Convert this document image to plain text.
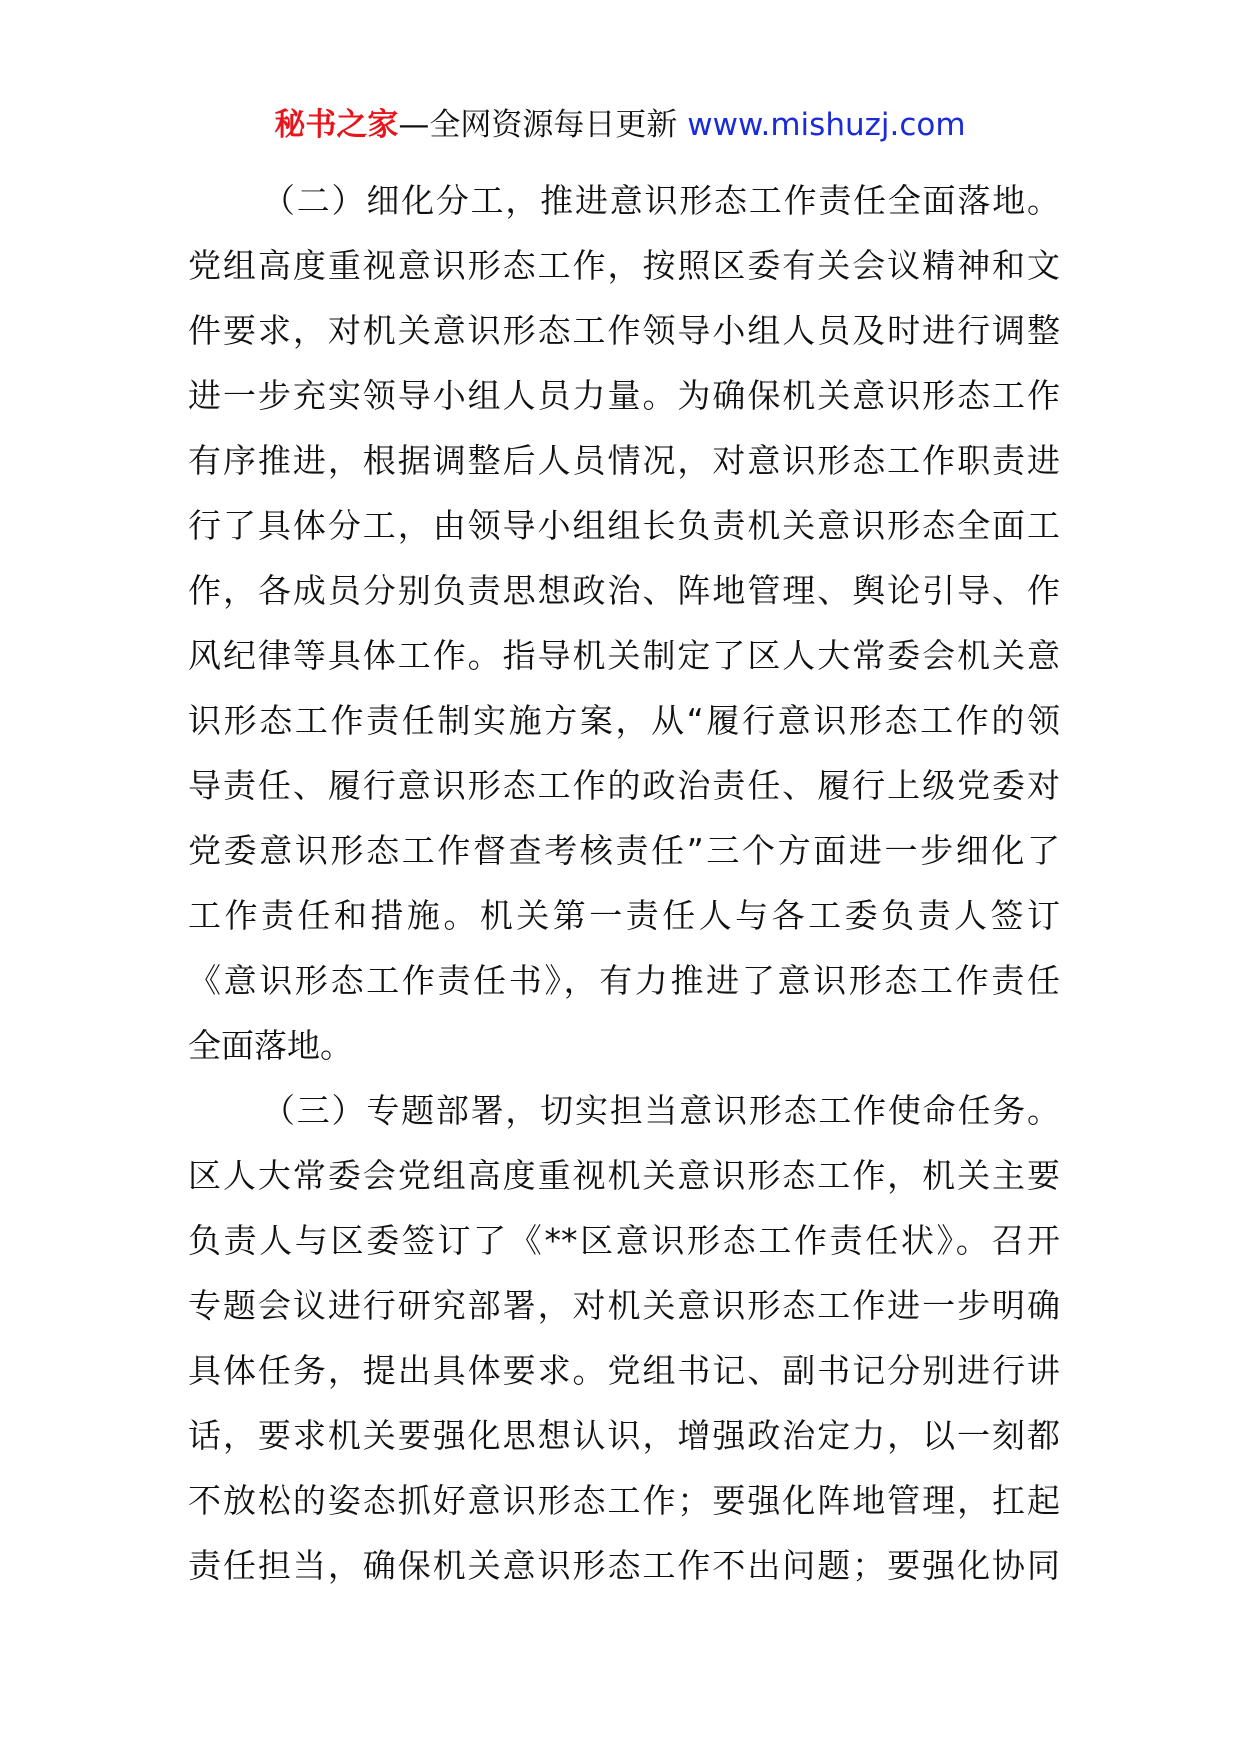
秘书之家—全网资源每日更新 www.mishuzj.com
（二）细化分工，推进意识形态工作责任全面落地。
党组高度重视意识形态工作，按照区委有关会议精神和文
件要求，对机关意识形态工作领导小组人员及时进行调整
进一步充实领导小组人员力量。为确保机关意识形态工作
有序推进，根据调整后人员情况，对意识形态工作职责进
行了具体分工，由领导小组组长负责机关意识形态全面工
作，各成员分别负责思想政治、阵地管理、舆论引导、作
风纪律等具体工作。指导机关制定了区人大常委会机关意
识形态工作责任制实施方案，从“履行意识形态工作的领
导责任、履行意识形态工作的政治责任、履行上级党委对
党委意识形态工作督查考核责任”三个方面进一步细化了
工作责任和措施。机关第一责任人与各工委负责人签订
《意识形态工作责任书》，有力推进了意识形态工作责任
全面落地。
（三）专题部署，切实担当意识形态工作使命任务。
区人大常委会党组高度重视机关意识形态工作，机关主要
负责人与区委签订了《**区意识形态工作责任状》。召开
专题会议进行研究部署，对机关意识形态工作进一步明确
具体任务，提出具体要求。党组书记、副书记分别进行讲
话，要求机关要强化思想认识，增强政治定力，以一刻都
不放松的姿态抓好意识形态工作；要强化阵地管理，扛起
责任担当，确保机关意识形态工作不出问题；要强化协同
